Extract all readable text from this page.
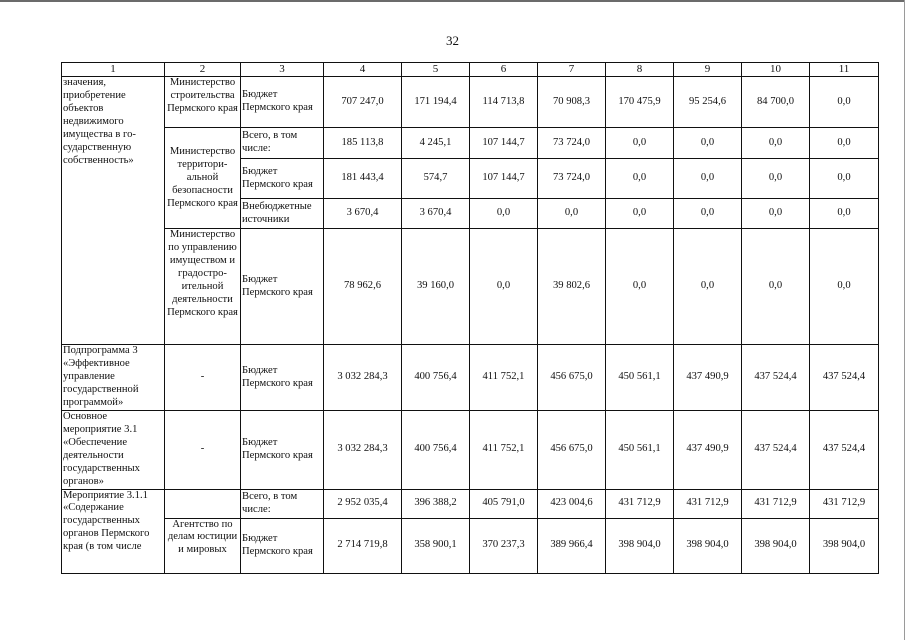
32
1	2	3	4	5	6	7	8	9	10	11
значения, приобретение объектов недвижимого имущества в го-сударственную собственность»	Министерство строительства Пермского края	Бюджет Пермского края	707 247,0	171 194,4	114 713,8	70 908,3	170 475,9	95 254,6	84 700,0	0,0
	Министерство территори-альной безопасности Пермского края	Всего, в том числе:	185 113,8	4 245,1	107 144,7	73 724,0	0,0	0,0	0,0	0,0
		Бюджет Пермского края	181 443,4	574,7	107 144,7	73 724,0	0,0	0,0	0,0	0,0
		Внебюджетные источники	3 670,4	3 670,4	0,0	0,0	0,0	0,0	0,0	0,0
	Министерство по управлению имуществом и градостро-ительной деятельности Пермского края	Бюджет Пермского края	78 962,6	39 160,0	0,0	39 802,6	0,0	0,0	0,0	0,0
Подпрограмма 3 «Эффективное управление государственной программой»	-	Бюджет Пермского края	3 032 284,3	400 756,4	411 752,1	456 675,0	450 561,1	437 490,9	437 524,4	437 524,4
Основное мероприятие 3.1 «Обеспечение деятельности государственных органов»	-	Бюджет Пермского края	3 032 284,3	400 756,4	411 752,1	456 675,0	450 561,1	437 490,9	437 524,4	437 524,4
Мероприятие 3.1.1 «Содержание государственных органов Пермского края (в том числе		Всего, в том числе:	2 952 035,4	396 388,2	405 791,0	423 004,6	431 712,9	431 712,9	431 712,9	431 712,9
	Агентство по делам юстиции и мировых	Бюджет Пермского края	2 714 719,8	358 900,1	370 237,3	389 966,4	398 904,0	398 904,0	398 904,0	398 904,0
